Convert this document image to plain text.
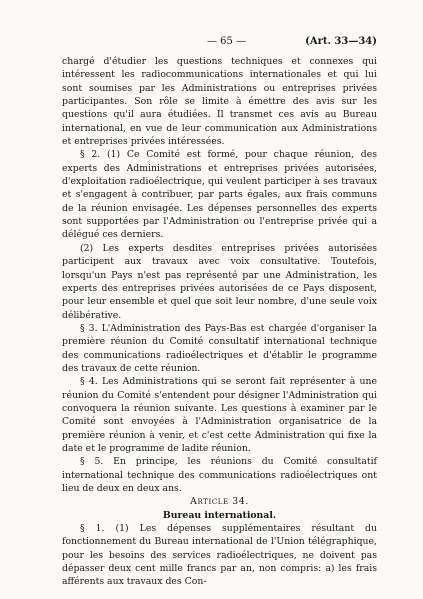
— 65 —	(Art. 33—34)

chargé d'étudier les questions techniques et connexes qui intéressent les radiocommunications internationales et qui lui sont soumises par les Administrations ou entreprises privées participantes. Son rôle se limite à émettre des avis sur les questions qu'il aura étudiées. Il transmet ces avis au Bureau international, en vue de leur communication aux Administrations et entreprises privées intéressées.

§ 2. (1) Ce Comité est formé, pour chaque réunion, des experts des Administrations et entreprises privées autorisées, d'exploitation radioélectrique, qui veulent participer à ses travaux et s'engagent à contribuer, par parts égales, aux frais communs de la réunion envisagée. Les dépenses personnelles des experts sont supportées par l'Administration ou l'entreprise privée qui a délégué ces derniers.

(2) Les experts desdites entreprises privées autorisées participent aux travaux avec voix consultative. Toutefois, lorsqu'un Pays n'est pas représenté par une Administration, les experts des entreprises privées autorisées de ce Pays disposent, pour leur ensemble et quel que soit leur nombre, d'une seule voix délibérative.

§ 3. L'Administration des Pays-Bas est chargée d'organiser la première réunion du Comité consultatif international technique des communications radioélectriques et d'établir le programme des travaux de cette réunion.

§ 4. Les Administrations qui se seront fait représenter à une réunion du Comité s'entendent pour désigner l'Administration qui convoquera la réunion suivante. Les questions à examiner par le Comité sont envoyées à l'Administration organisatrice de la première réunion à venir, et c'est cette Administration qui fixe la date et le programme de ladite réunion.

§ 5. En principe, les réunions du Comité consultatif international technique des communications radioélectriques ont lieu de deux en deux ans.

Article 34.

Bureau international.

§ 1. (1) Les dépenses supplémentaires résultant du fonctionnement du Bureau international de l'Union télégraphique, pour les besoins des services radioélectriques, ne doivent pas dépasser deux cent mille francs par an, non compris: a) les frais afférents aux travaux des Con-
